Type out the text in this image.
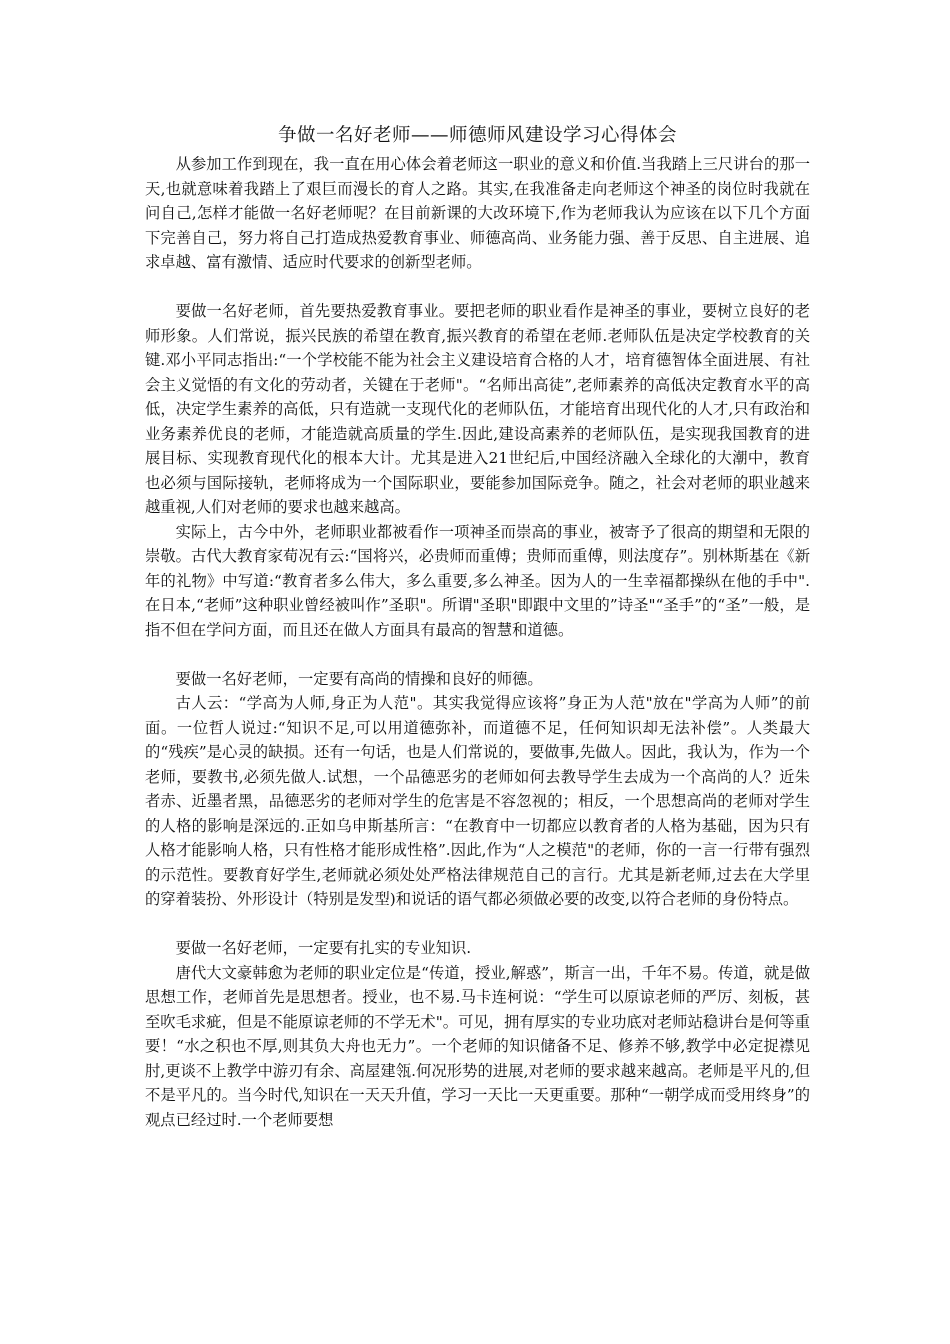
争做一名好老师——师德师风建设学习心得体会

从参加工作到现在，我一直在用心体会着老师这一职业的意义和价值.当我踏上三尺讲台的那一天,也就意味着我踏上了艰巨而漫长的育人之路。其实,在我准备走向老师这个神圣的岗位时我就在问自己,怎样才能做一名好老师呢？在目前新课的大改环境下,作为老师我认为应该在以下几个方面下完善自己，努力将自己打造成热爱教育事业、师德高尚、业务能力强、善于反思、自主进展、追求卓越、富有激情、适应时代要求的创新型老师。

要做一名好老师，首先要热爱教育事业。要把老师的职业看作是神圣的事业，要树立良好的老师形象。人们常说，振兴民族的希望在教育,振兴教育的希望在老师.老师队伍是决定学校教育的关键.邓小平同志指出:“一个学校能不能为社会主义建设培育合格的人才，培育德智体全面进展、有社会主义觉悟的有文化的劳动者，关键在于老师"。“名师出高徒”,老师素养的高低决定教育水平的高低，决定学生素养的高低，只有造就一支现代化的老师队伍，才能培育出现代化的人才,只有政治和业务素养优良的老师，才能造就高质量的学生.因此,建设高素养的老师队伍，是实现我国教育的进展目标、实现教育现代化的根本大计。尤其是进入21世纪后,中国经济融入全球化的大潮中，教育也必须与国际接轨，老师将成为一个国际职业，要能参加国际竞争。随之，社会对老师的职业越来越重视,人们对老师的要求也越来越高。

实际上，古今中外，老师职业都被看作一项神圣而崇高的事业，被寄予了很高的期望和无限的崇敬。古代大教育家荀况有云:“国将兴，必贵师而重傅；贵师而重傅，则法度存”。别林斯基在《新年的礼物》中写道:“教育者多么伟大，多么重要,多么神圣。因为人的一生幸福都操纵在他的手中".在日本,“老师”这种职业曾经被叫作”圣职"。所谓"圣职"即跟中文里的”诗圣"“圣手”的“圣”一般，是指不但在学问方面，而且还在做人方面具有最高的智慧和道德。

要做一名好老师，一定要有高尚的情操和良好的师德。

古人云：“学高为人师,身正为人范"。其实我觉得应该将”身正为人范"放在"学高为人师”的前面。一位哲人说过:“知识不足,可以用道德弥补，而道德不足，任何知识却无法补偿”。人类最大的“残疾”是心灵的缺损。还有一句话，也是人们常说的，要做事,先做人。因此，我认为，作为一个老师，要教书,必须先做人.试想，一个品德恶劣的老师如何去教导学生去成为一个高尚的人？近朱者赤、近墨者黑，品德恶劣的老师对学生的危害是不容忽视的；相反，一个思想高尚的老师对学生的人格的影响是深远的.正如乌申斯基所言：“在教育中一切都应以教育者的人格为基础，因为只有人格才能影响人格，只有性格才能形成性格”.因此,作为“人之模范"的老师，你的一言一行带有强烈的示范性。要教育好学生,老师就必须处处严格法律规范自己的言行。尤其是新老师,过去在大学里的穿着装扮、外形设计（特别是发型)和说话的语气都必须做必要的改变,以符合老师的身份特点。

要做一名好老师，一定要有扎实的专业知识.

唐代大文豪韩愈为老师的职业定位是“传道，授业,解惑”，斯言一出，千年不易。传道，就是做思想工作，老师首先是思想者。授业，也不易.马卡连柯说：“学生可以原谅老师的严厉、刻板，甚至吹毛求疵，但是不能原谅老师的不学无术"。可见，拥有厚实的专业功底对老师站稳讲台是何等重要！“水之积也不厚,则其负大舟也无力”。一个老师的知识储备不足、修养不够,教学中必定捉襟见肘,更谈不上教学中游刃有余、高屋建瓴.何况形势的进展,对老师的要求越来越高。老师是平凡的,但不是平凡的。当今时代,知识在一天天升值，学习一天比一天更重要。那种“一朝学成而受用终身”的观点已经过时.一个老师要想
